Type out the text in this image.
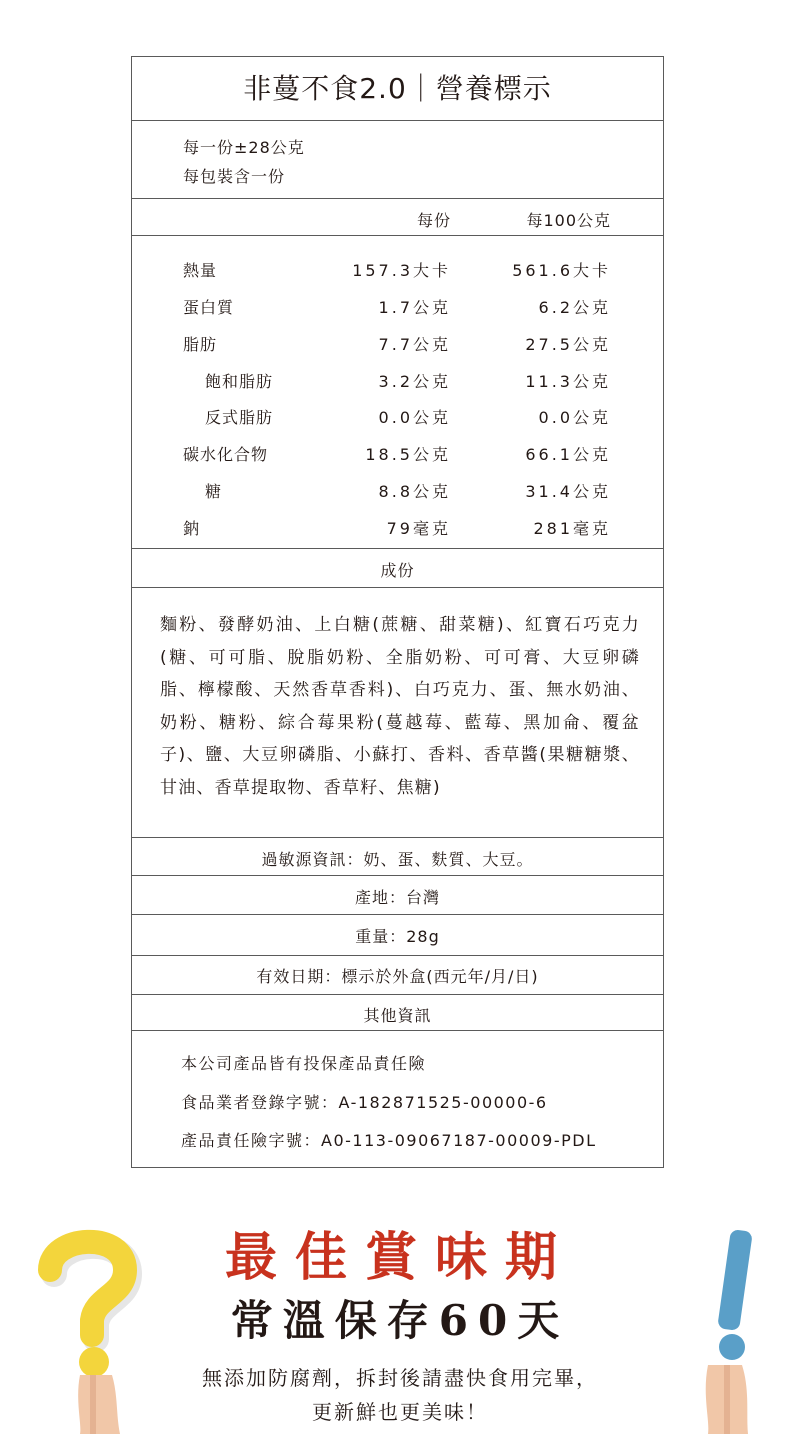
非蔓不食2.0｜營養標示
每一份±28公克
每包裝含一份
每份	每100公克
熱量	157.3大卡	561.6大卡
蛋白質	1.7公克	6.2公克
脂肪	7.7公克	27.5公克
飽和脂肪	3.2公克	11.3公克
反式脂肪	0.0公克	0.0公克
碳水化合物	18.5公克	66.1公克
糖	8.8公克	31.4公克
鈉	79毫克	281毫克
成份
麵粉、發酵奶油、上白糖(蔗糖、甜菜糖)、紅寶石巧克力(糖、可可脂、脫脂奶粉、全脂奶粉、可可膏、大豆卵磷脂、檸檬酸、天然香草香料)、白巧克力、蛋、無水奶油、奶粉、糖粉、綜合莓果粉(蔓越莓、藍莓、黑加侖、覆盆子)、鹽、大豆卵磷脂、小蘇打、香料、香草醬(果糖糖漿、甘油、香草提取物、香草籽、焦糖)
過敏源資訊：奶、蛋、麩質、大豆。
產地：台灣
重量：28g
有效日期：標示於外盒(西元年/月/日)
其他資訊
本公司產品皆有投保產品責任險
食品業者登錄字號：A-182871525-00000-6
產品責任險字號：A0-113-09067187-00009-PDL
最佳賞味期
常溫保存60天
無添加防腐劑，拆封後請盡快食用完畢，
更新鮮也更美味！
